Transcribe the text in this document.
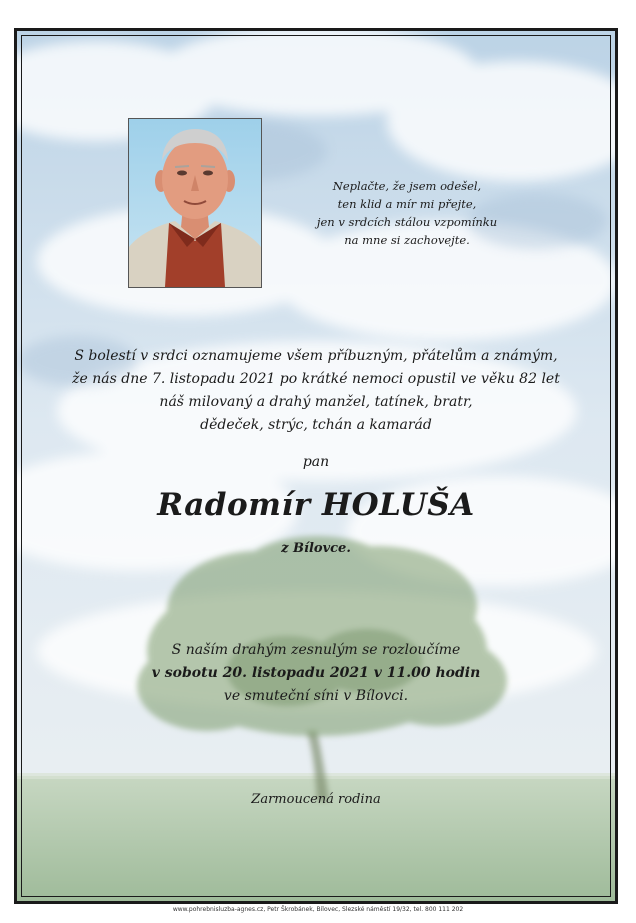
Neplačte, že jsem odešel,
ten klid a mír mi přejte,
jen v srdcích stálou vzpomínku
na mne si zachovejte.
S bolestí v srdci oznamujeme všem příbuzným, přátelům a známým,
že nás dne 7. listopadu 2021 po krátké nemoci opustil ve věku 82 let
náš milovaný a drahý manžel, tatínek, bratr,
dědeček, strýc, tchán a kamarád
pan
Radomír HOLUŠA
z Bílovce.
S naším drahým zesnulým se rozloučíme
v sobotu 20. listopadu 2021 v 11.00 hodin
ve smuteční síni v Bílovci.
Zarmoucená rodina
www.pohrebnisluzba-agnes.cz, Petr Škrobánek, Bílovec, Slezské náměstí 19/32, tel. 800 111 202
